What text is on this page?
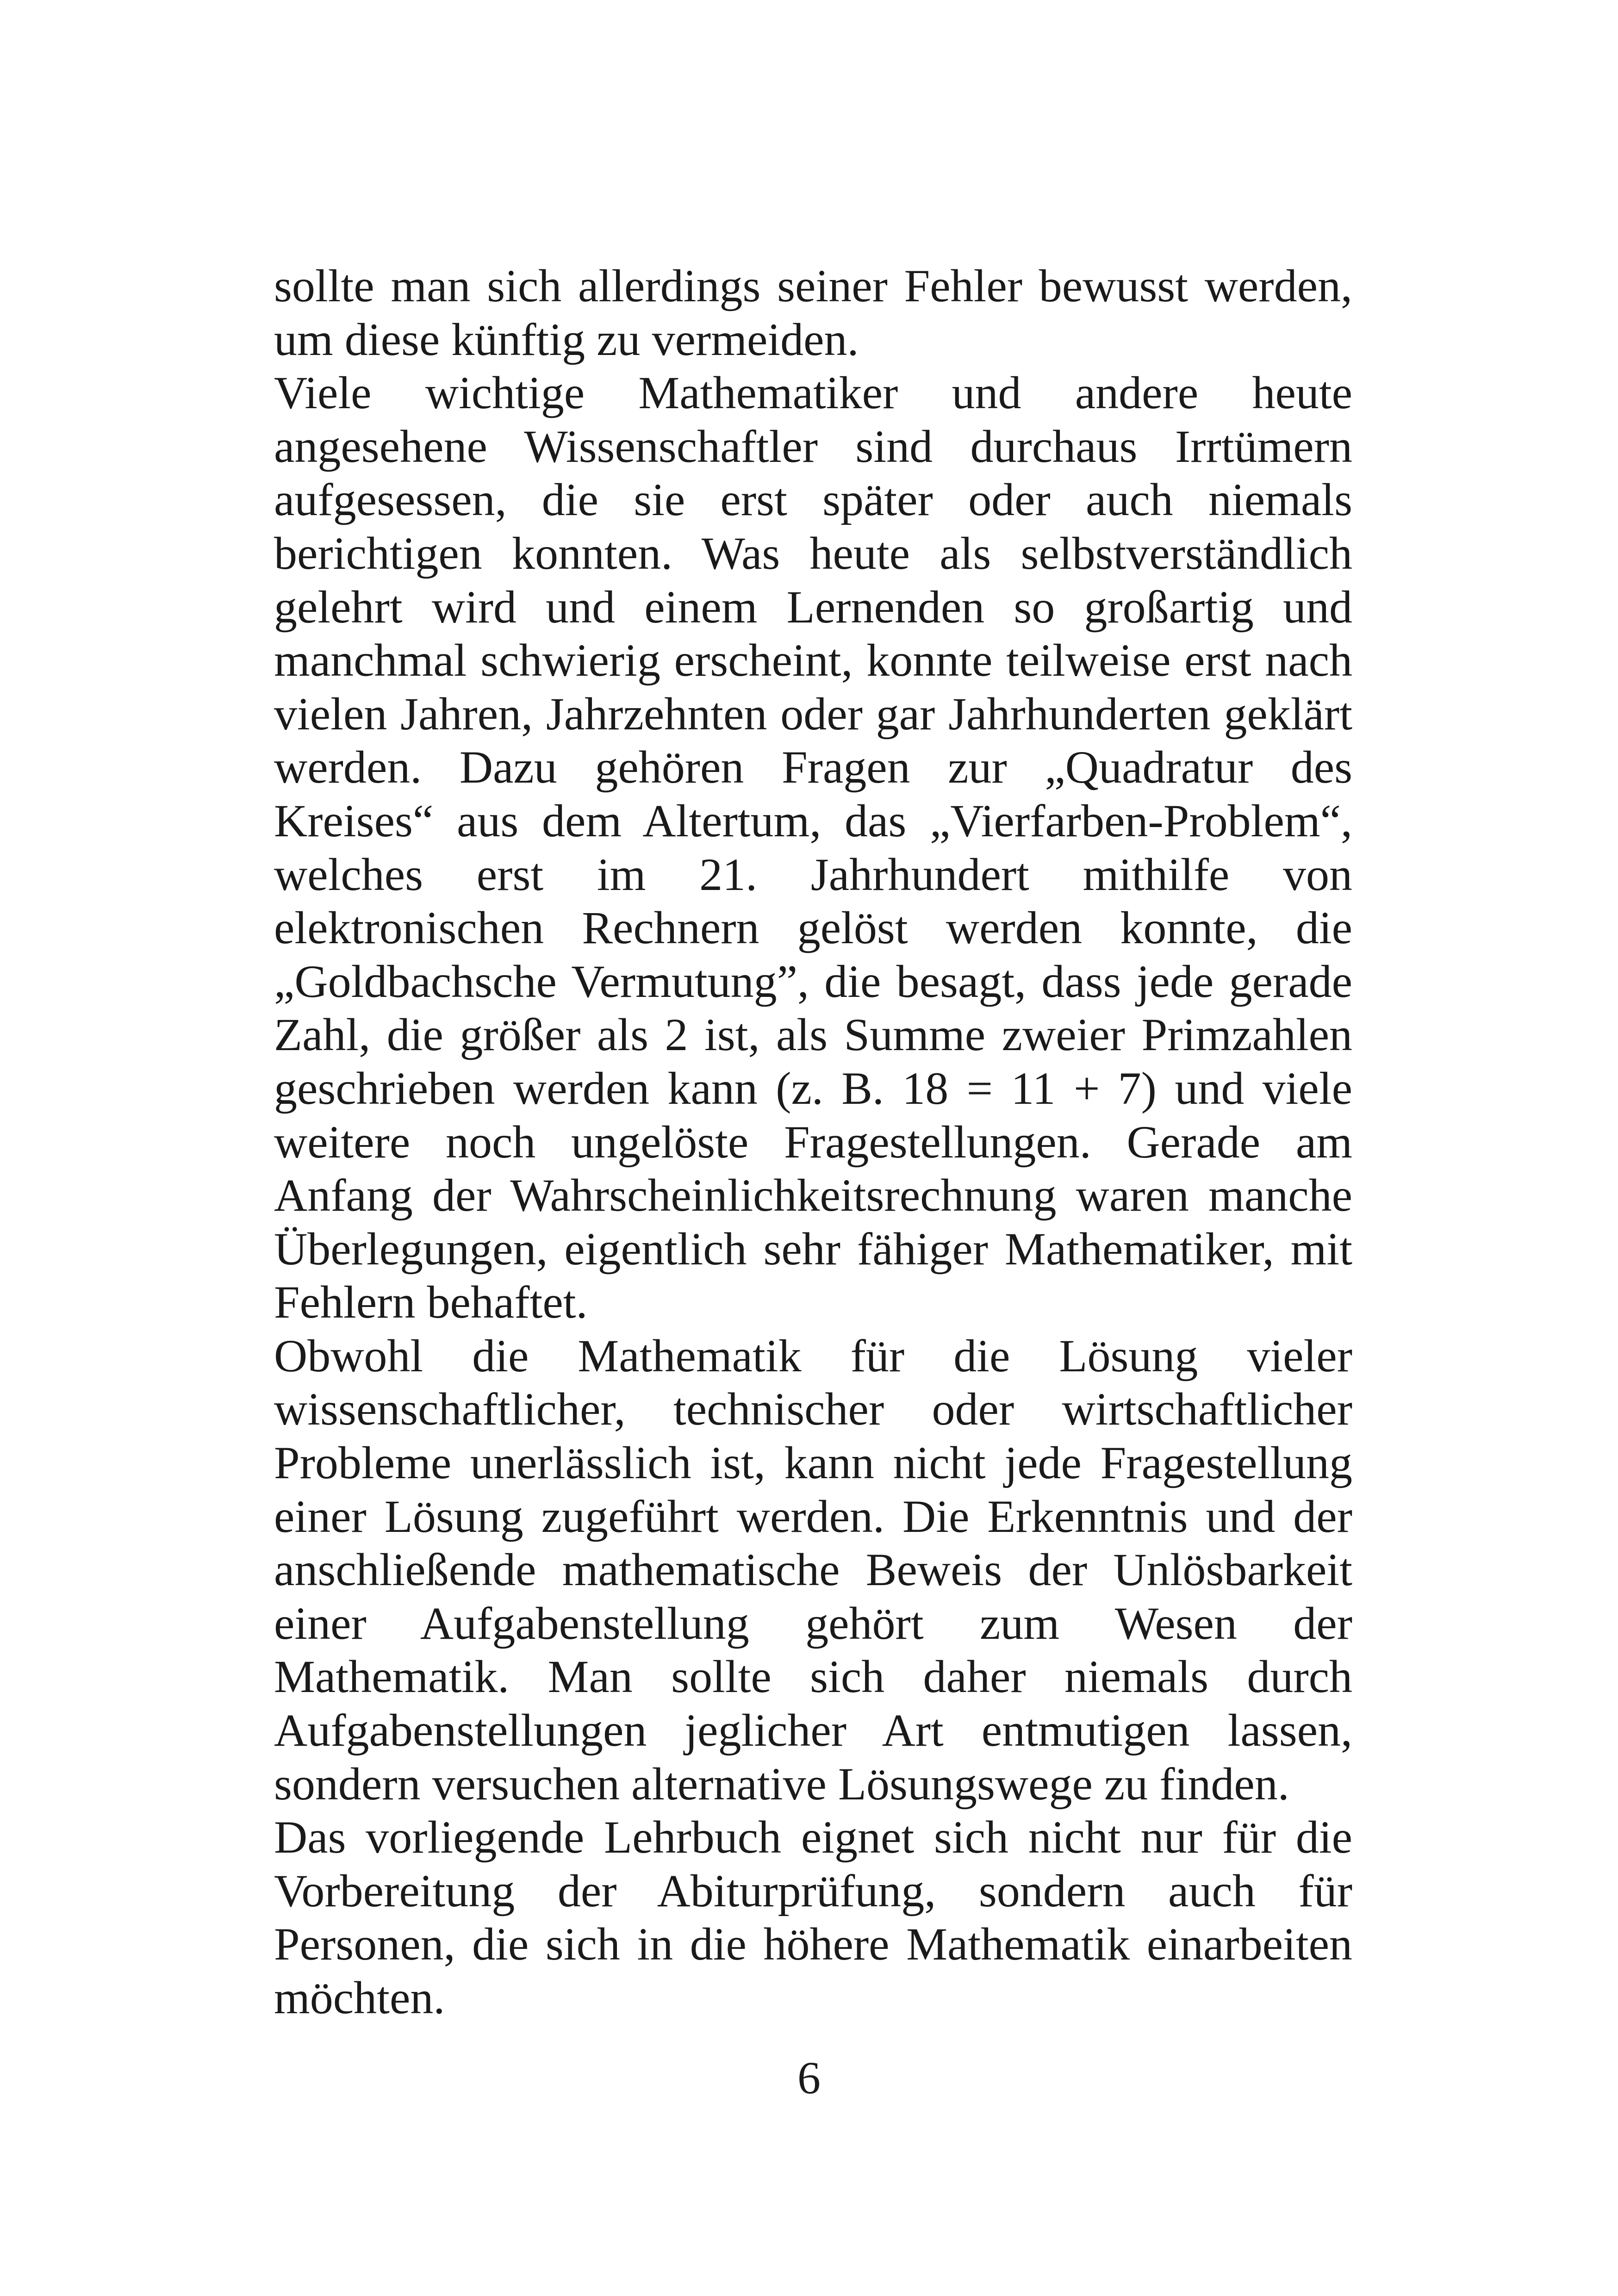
sollte man sich allerdings seiner Fehler bewusst werden, um diese künftig zu vermeiden.

Viele wichtige Mathematiker und andere heute angesehene Wissenschaftler sind durchaus Irrtümern aufgesessen, die sie erst später oder auch niemals berichtigen konnten. Was heute als selbstverständlich gelehrt wird und einem Lernenden so großartig und manchmal schwierig erscheint, konnte teilweise erst nach vielen Jahren, Jahrzehnten oder gar Jahrhunderten geklärt werden. Dazu gehören Fragen zur „Quadratur des Kreises“ aus dem Altertum, das „Vierfarben-Problem“, welches erst im 21. Jahrhundert mithilfe von elektronischen Rechnern gelöst werden konnte, die „Goldbachsche Vermutung”, die besagt, dass jede gerade Zahl, die größer als 2 ist, als Summe zweier Primzahlen geschrieben werden kann (z. B. 18 = 11 + 7) und viele weitere noch ungelöste Fragestellungen. Gerade am Anfang der Wahrscheinlichkeitsrechnung waren manche Überlegungen, eigentlich sehr fähiger Mathematiker, mit Fehlern behaftet.

Obwohl die Mathematik für die Lösung vieler wissenschaftlicher, technischer oder wirtschaftlicher Probleme unerlässlich ist, kann nicht jede Fragestellung einer Lösung zugeführt werden. Die Erkenntnis und der anschließende mathematische Beweis der Unlösbarkeit einer Aufgabenstellung gehört zum Wesen der Mathematik. Man sollte sich daher niemals durch Aufgabenstellungen jeglicher Art entmutigen lassen, sondern versuchen alternative Lösungswege zu finden.

Das vorliegende Lehrbuch eignet sich nicht nur für die Vorbereitung der Abiturprüfung, sondern auch für Personen, die sich in die höhere Mathematik einarbeiten möchten.

6
